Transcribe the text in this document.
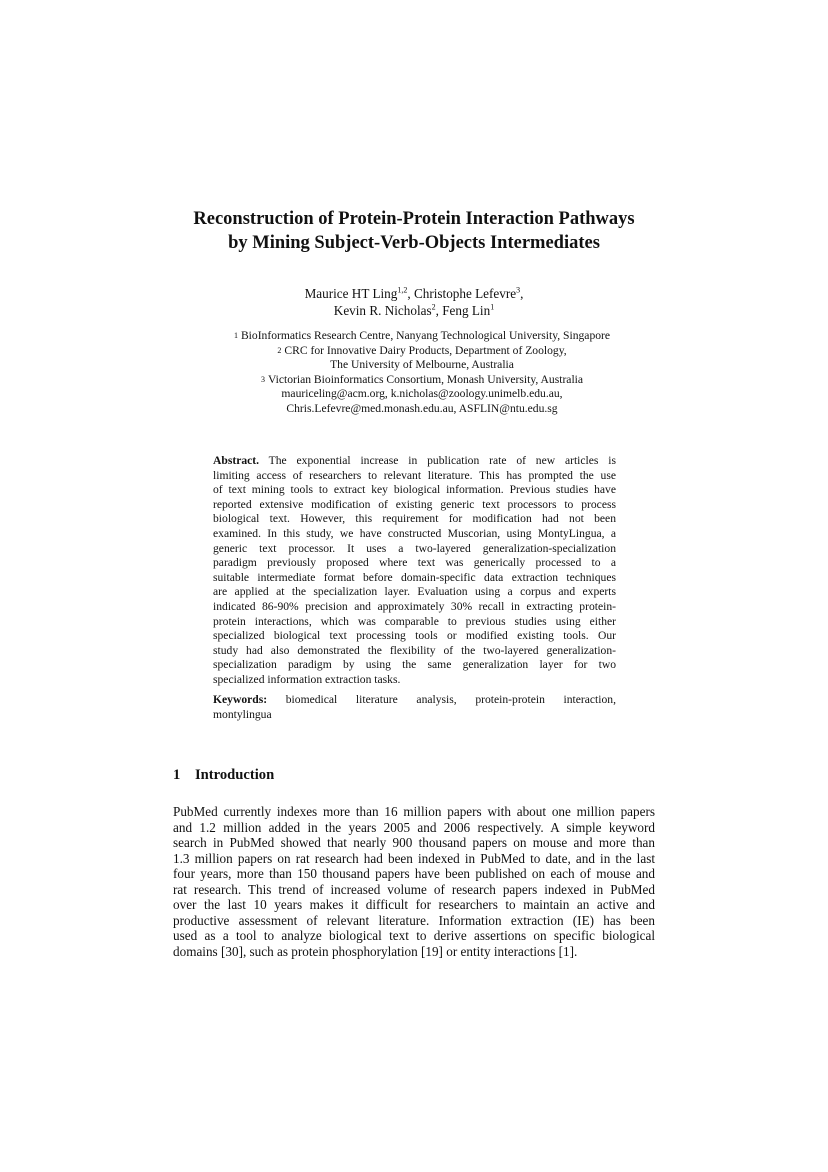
Reconstruction of Protein-Protein Interaction Pathways
by Mining Subject-Verb-Objects Intermediates
Maurice HT Ling$^{1,2}$, Christophe Lefevre$^3$,
Kevin R. Nicholas$^2$, Feng Lin$^1$
1 BioInformatics Research Centre, Nanyang Technological University, Singapore
2 CRC for Innovative Dairy Products, Department of Zoology,
The University of Melbourne, Australia
3 Victorian Bioinformatics Consortium, Monash University, Australia
mauriceling@acm.org, k.nicholas@zoology.unimelb.edu.au,
Chris.Lefevre@med.monash.edu.au, ASFLIN@ntu.edu.sg
Abstract. The exponential increase in publication rate of new articles is
limiting access of researchers to relevant literature. This has prompted the use
of text mining tools to extract key biological information. Previous studies have
reported extensive modification of existing generic text processors to process
biological text. However, this requirement for modification had not been
examined. In this study, we have constructed Muscorian, using MontyLingua, a
generic text processor. It uses a two-layered generalization-specialization
paradigm previously proposed where text was generically processed to a
suitable intermediate format before domain-specific data extraction techniques
are applied at the specialization layer. Evaluation using a corpus and experts
indicated 86-90% precision and approximately 30% recall in extracting protein-
protein interactions, which was comparable to previous studies using either
specialized biological text processing tools or modified existing tools. Our
study had also demonstrated the flexibility of the two-layered generalization-
specialization paradigm by using the same generalization layer for two
specialized information extraction tasks.
Keywords: biomedical literature analysis, protein-protein interaction,
montylingua
1 Introduction
PubMed currently indexes more than 16 million papers with about one million papers
and 1.2 million added in the years 2005 and 2006 respectively. A simple keyword
search in PubMed showed that nearly 900 thousand papers on mouse and more than
1.3 million papers on rat research had been indexed in PubMed to date, and in the last
four years, more than 150 thousand papers have been published on each of mouse and
rat research. This trend of increased volume of research papers indexed in PubMed
over the last 10 years makes it difficult for researchers to maintain an active and
productive assessment of relevant literature. Information extraction (IE) has been
used as a tool to analyze biological text to derive assertions on specific biological
domains [30], such as protein phosphorylation [19] or entity interactions [1].
